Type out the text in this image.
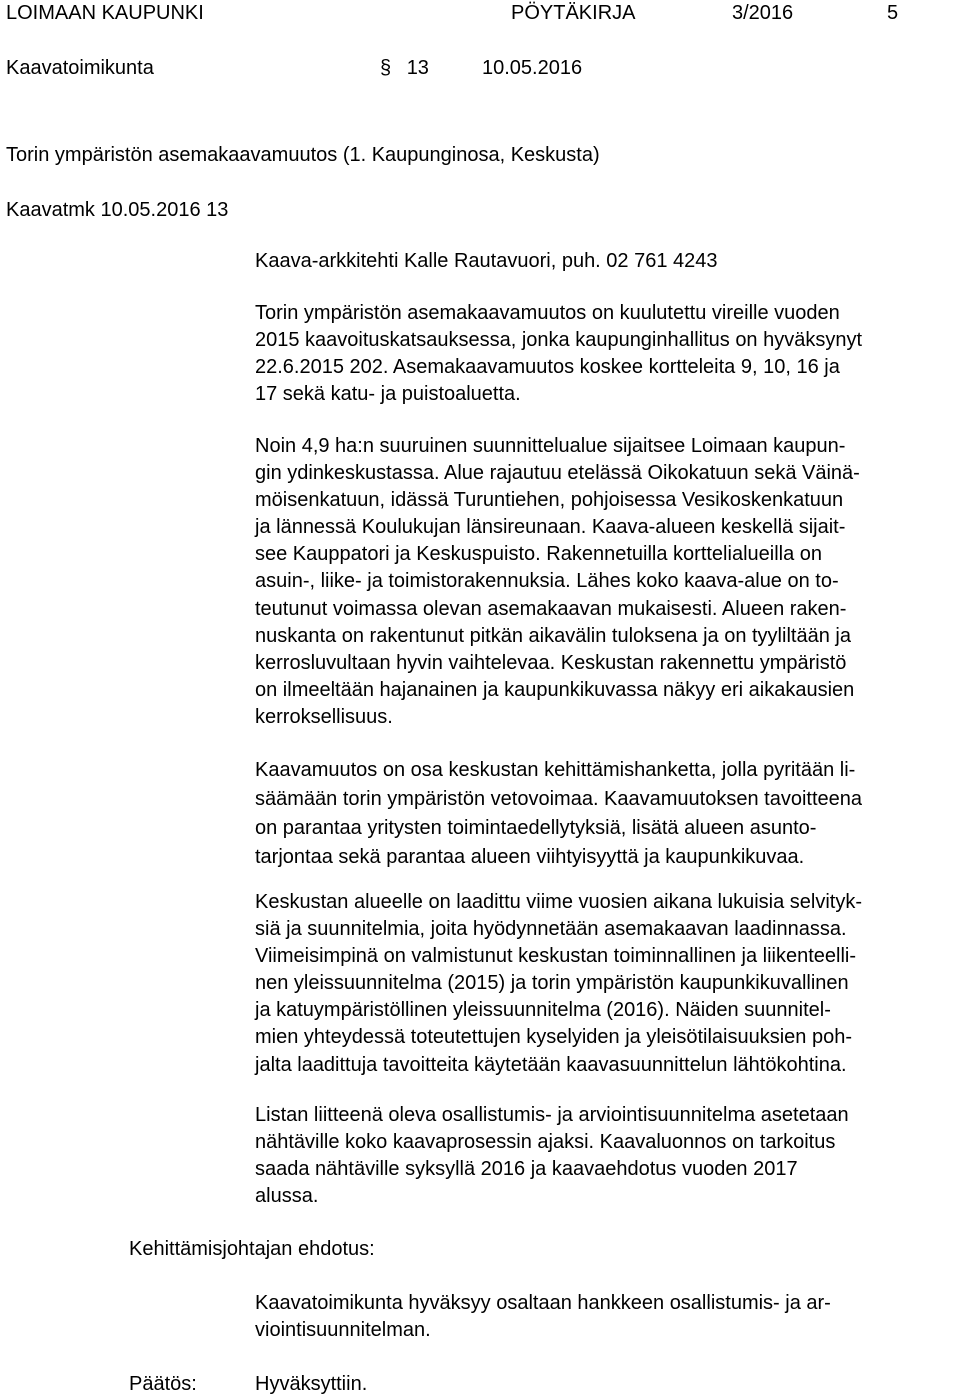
LOIMAAN KAUPUNKI	PÖYTÄKIRJA	3/2016	5
Kaavatoimikunta	§ 13	10.05.2016
Torin ympäristön asemakaavamuutos (1. Kaupunginosa, Keskusta)
Kaavatmk 10.05.2016 13
Kaava-arkkitehti Kalle Rautavuori, puh. 02 761 4243
Torin ympäristön asemakaavamuutos on kuulutettu vireille vuoden
2015 kaavoituskatsauksessa, jonka kaupunginhallitus on hyväksynyt
22.6.2015 202. Asemakaavamuutos koskee kortteleita 9, 10, 16 ja
17 sekä katu- ja puistoaluetta.
Noin 4,9 ha:n suuruinen suunnittelualue sijaitsee Loimaan kaupun-
gin ydinkeskustassa. Alue rajautuu etelässä Oikokatuun sekä Väinä-
möisenkatuun, idässä Turuntiehen, pohjoisessa Vesikoskenkatuun
ja lännessä Koulukujan länsireunaan. Kaava-alueen keskellä sijait-
see Kauppatori ja Keskuspuisto. Rakennetuilla korttelialueilla on
asuin-, liike- ja toimistorakennuksia. Lähes koko kaava-alue on to-
teutunut voimassa olevan asemakaavan mukaisesti. Alueen raken-
nuskanta on rakentunut pitkän aikavälin tuloksena ja on tyyliltään ja
kerrosluvultaan hyvin vaihtelevaa. Keskustan rakennettu ympäristö
on ilmeeltään hajanainen ja kaupunkikuvassa näkyy eri aikakausien
kerroksellisuus.
Kaavamuutos on osa keskustan kehittämishanketta, jolla pyritään li-
säämään torin ympäristön vetovoimaa. Kaavamuutoksen tavoitteena
on parantaa yritysten toimintaedellytyksiä, lisätä alueen asunto-
tarjontaa sekä parantaa alueen viihtyisyyttä ja kaupunkikuvaa.
Keskustan alueelle on laadittu viime vuosien aikana lukuisia selvityk-
siä ja suunnitelmia, joita hyödynnetään asemakaavan laadinnassa.
Viimeisimpinä on valmistunut keskustan toiminnallinen ja liikenteelli-
nen yleissuunnitelma (2015) ja torin ympäristön kaupunkikuvallinen
ja katuympäristöllinen yleissuunnitelma (2016). Näiden suunnitel-
mien yhteydessä toteutettujen kyselyiden ja yleisötilaisuuksien poh-
jalta laadittuja tavoitteita käytetään kaavasuunnittelun lähtökohtina.
Listan liitteenä oleva osallistumis- ja arviointisuunnitelma asetetaan
nähtäville koko kaavaprosessin ajaksi. Kaavaluonnos on tarkoitus
saada nähtäville syksyllä 2016 ja kaavaehdotus vuoden 2017
alussa.
Kehittämisjohtajan ehdotus:
Kaavatoimikunta hyväksyy osaltaan hankkeen osallistumis- ja ar-
viointisuunnitelman.
Päätös:	Hyväksyttiin.
